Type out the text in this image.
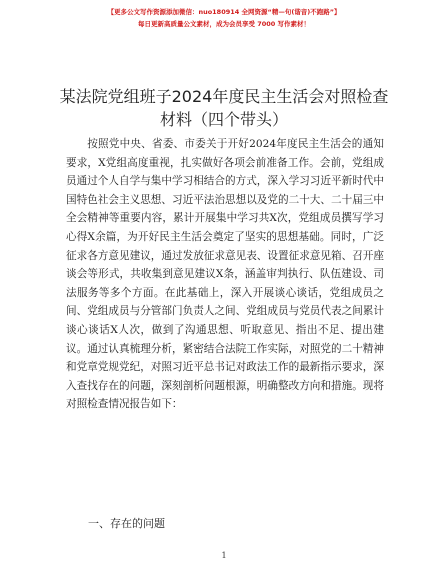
【更多公文写作资源添加微信：nuo180914 全网资源“精—句(谐音)不跑路”】
每日更新高质量公文素材，成为会员享受 7000 写作素材！
某法院党组班子2024年度民主生活会对照检查
材料（四个带头）

按照党中央、省委、市委关于开好2024年度民主生活会的通知要求，X党组高度重视，扎实做好各项会前准备工作。会前，党组成员通过个人自学与集中学习相结合的方式，深入学习习近平新时代中国特色社会主义思想、习近平法治思想以及党的二十大、二十届三中全会精神等重要内容，累计开展集中学习共X次，党组成员撰写学习心得X余篇，为开好民主生活会奠定了坚实的思想基础。同时，广泛征求各方意见建议，通过发放征求意见表、设置征求意见箱、召开座谈会等形式，共收集到意见建议X条，涵盖审判执行、队伍建设、司法服务等多个方面。在此基础上，深入开展谈心谈话，党组成员之间、党组成员与分管部门负责人之间、党组成员与党员代表之间累计谈心谈话X人次，做到了沟通思想、听取意见、指出不足、提出建议。通过认真梳理分析，紧密结合法院工作实际，对照党的二十精神和党章党规党纪，对照习近平总书记对政法工作的最新指示要求，深入查找存在的问题，深刻剖析问题根源，明确整改方向和措施。现将对照检查情况报告如下：

一、存在的问题
1
